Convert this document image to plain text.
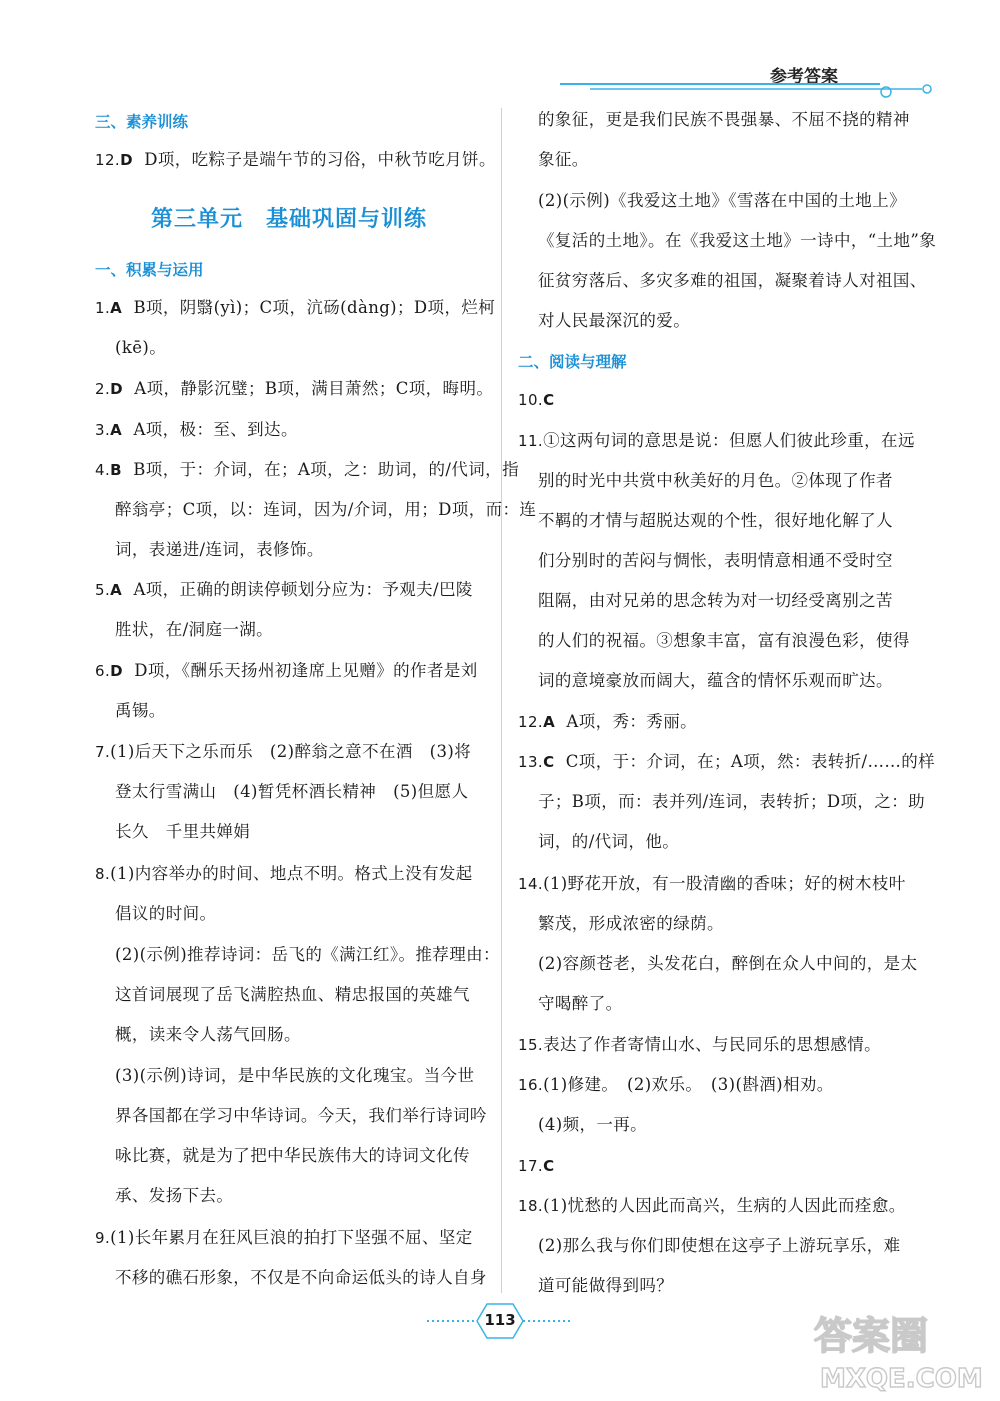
参考答案
三、素养训练
12.D D项，吃粽子是端午节的习俗，中秋节吃月饼。
第三单元　基础巩固与训练
一、积累与运用
1.A B项，阴翳(yì)；C项，沆砀(dàng)；D项，烂柯
(kē)。
2.D A项，静影沉璧；B项，满目萧然；C项，晦明。
3.A A项，极：至、到达。
4.B B项，于：介词，在；A项，之：助词，的/代词，指
醉翁亭；C项，以：连词，因为/介词，用；D项，而：连
词，表递进/连词，表修饰。
5.A A项，正确的朗读停顿划分应为：予观夫/巴陵
胜状，在/洞庭一湖。
6.D D项，《酬乐天扬州初逢席上见赠》的作者是刘
禹锡。
7.(1)后天下之乐而乐　(2)醉翁之意不在酒　(3)将
登太行雪满山　(4)暂凭杯酒长精神　(5)但愿人
长久　千里共婵娟
8.(1)内容举办的时间、地点不明。格式上没有发起
倡议的时间。
(2)(示例)推荐诗词：岳飞的《满江红》。推荐理由：
这首词展现了岳飞满腔热血、精忠报国的英雄气
概，读来令人荡气回肠。
(3)(示例)诗词，是中华民族的文化瑰宝。当今世
界各国都在学习中华诗词。今天，我们举行诗词吟
咏比赛，就是为了把中华民族伟大的诗词文化传
承、发扬下去。
9.(1)长年累月在狂风巨浪的拍打下坚强不屈、坚定
不移的礁石形象，不仅是不向命运低头的诗人自身
的象征，更是我们民族不畏强暴、不屈不挠的精神
象征。
(2)(示例)《我爱这土地》《雪落在中国的土地上》
《复活的土地》。在《我爱这土地》一诗中，“土地”象
征贫穷落后、多灾多难的祖国，凝聚着诗人对祖国、
对人民最深沉的爱。
二、阅读与理解
10.C
11.①这两句词的意思是说：但愿人们彼此珍重，在远
别的时光中共赏中秋美好的月色。②体现了作者
不羁的才情与超脱达观的个性，很好地化解了人
们分别时的苦闷与惆怅，表明情意相通不受时空
阻隔，由对兄弟的思念转为对一切经受离别之苦
的人们的祝福。③想象丰富，富有浪漫色彩，使得
词的意境豪放而阔大，蕴含的情怀乐观而旷达。
12.A A项，秀：秀丽。
13.C C项，于：介词，在；A项，然：表转折/……的样
子；B项，而：表并列/连词，表转折；D项，之：助
词，的/代词，他。
14.(1)野花开放，有一股清幽的香味；好的树木枝叶
繁茂，形成浓密的绿荫。
(2)容颜苍老，头发花白，醉倒在众人中间的，是太
守喝醉了。
15.表达了作者寄情山水、与民同乐的思想感情。
16.(1)修建。　(2)欢乐。　(3)(斟酒)相劝。
(4)频，一再。
17.C
18.(1)忧愁的人因此而高兴，生病的人因此而痊愈。
(2)那么我与你们即使想在这亭子上游玩享乐，难
道可能做得到吗？
113	答案圈
MXQE.COM
